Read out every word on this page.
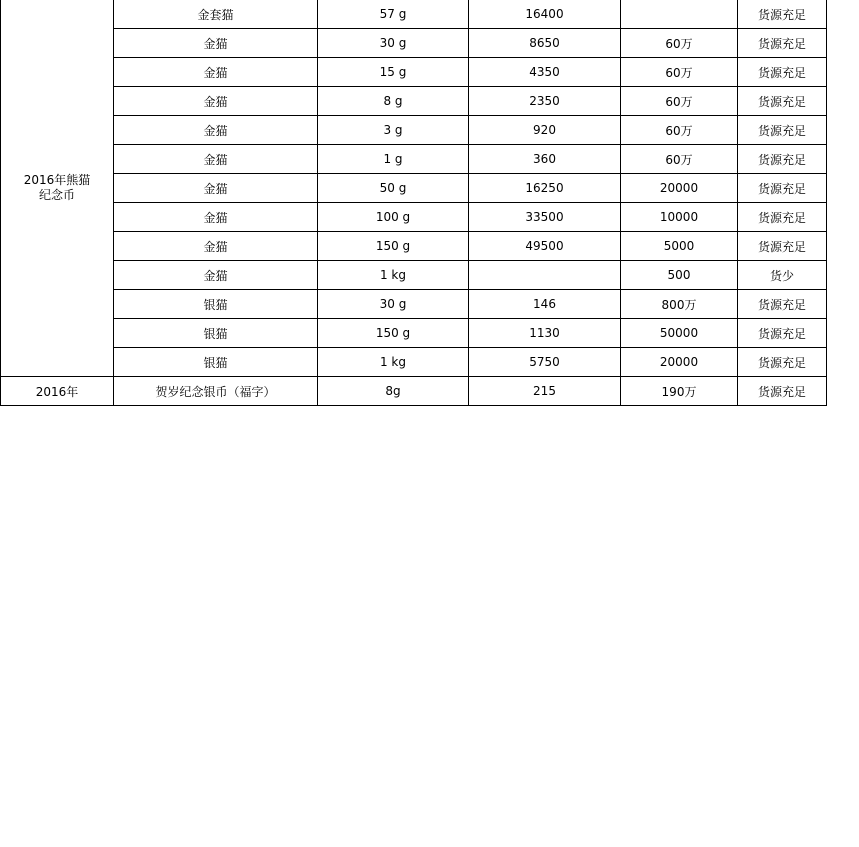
2016年熊猫
纪念币	金套猫	57 g	16400		货源充足
	金猫	30 g	8650	60万	货源充足
	金猫	15 g	4350	60万	货源充足
	金猫	8 g	2350	60万	货源充足
	金猫	3 g	920	60万	货源充足
	金猫	1 g	360	60万	货源充足
	金猫	50 g	16250	20000	货源充足
	金猫	100 g	33500	10000	货源充足
	金猫	150 g	49500	5000	货源充足
	金猫	1 kg		500	货少
	银猫	30 g	146	800万	货源充足
	银猫	150 g	1130	50000	货源充足
	银猫	1 kg	5750	20000	货源充足
2016年	贺岁纪念银币（福字）	8g	215	190万	货源充足
